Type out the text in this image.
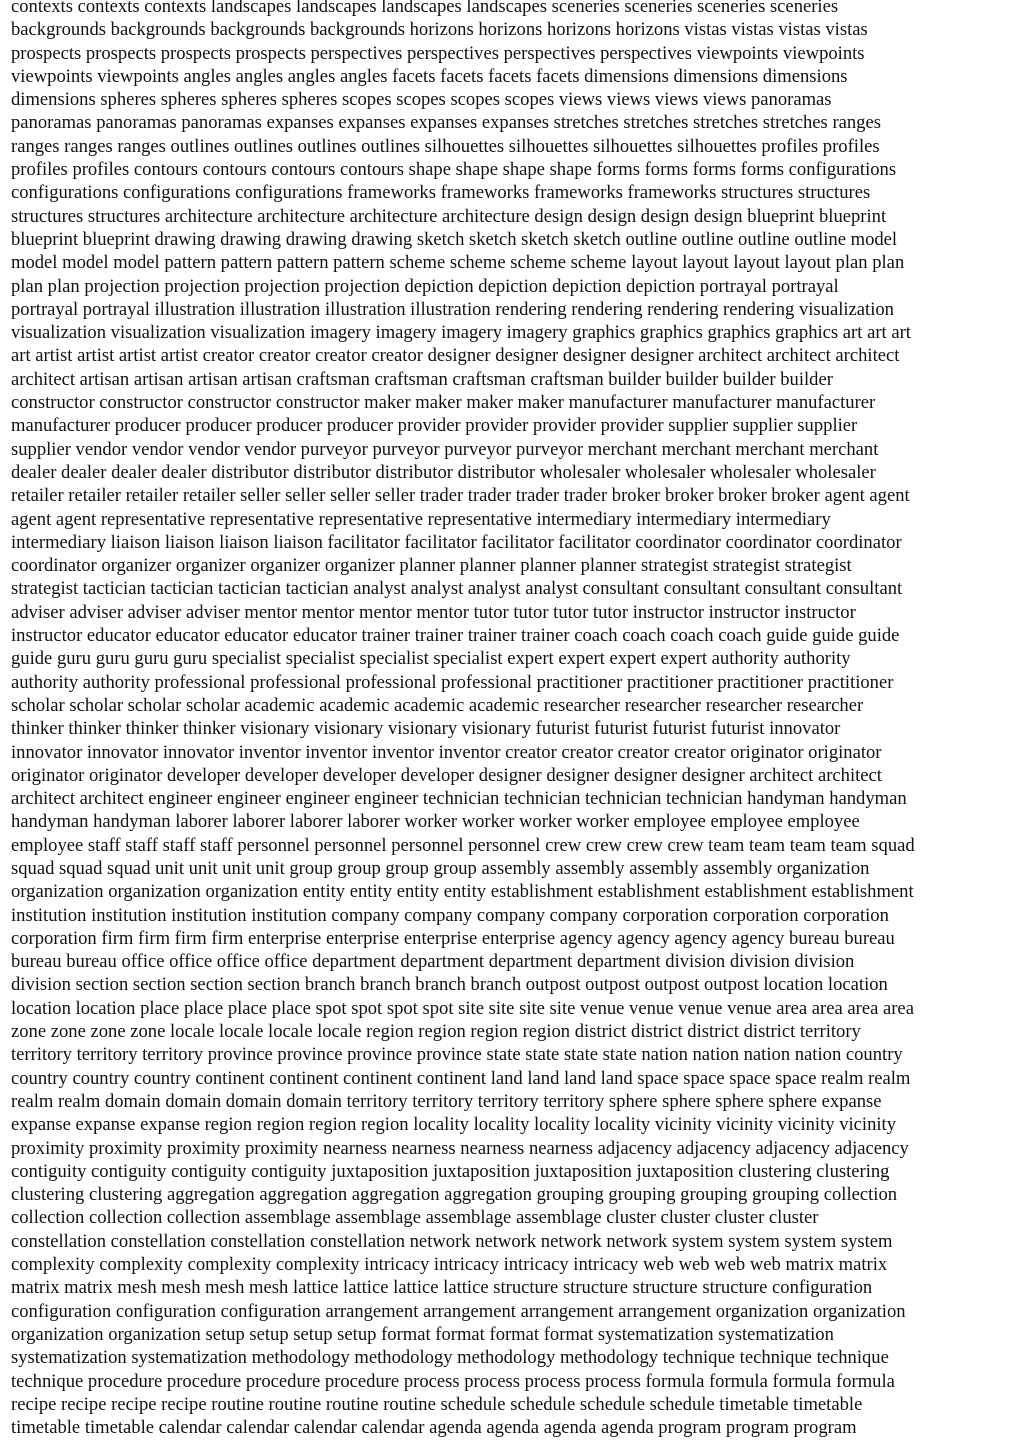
contexts contexts contexts landscapes landscapes landscapes landscapes sceneries sceneries sceneries sceneries
backgrounds backgrounds backgrounds backgrounds horizons horizons horizons horizons vistas vistas vistas vistas
prospects prospects prospects prospects perspectives perspectives perspectives perspectives viewpoints viewpoints
viewpoints viewpoints angles angles angles angles facets facets facets facets dimensions dimensions dimensions
dimensions spheres spheres spheres spheres scopes scopes scopes scopes views views views views panoramas
panoramas panoramas panoramas expanses expanses expanses expanses stretches stretches stretches stretches ranges
ranges ranges ranges outlines outlines outlines outlines silhouettes silhouettes silhouettes silhouettes profiles profiles
profiles profiles contours contours contours contours shape shape shape shape forms forms forms forms configurations
configurations configurations configurations frameworks frameworks frameworks frameworks structures structures
structures structures architecture architecture architecture architecture design design design design blueprint blueprint
blueprint blueprint drawing drawing drawing drawing sketch sketch sketch sketch outline outline outline outline model
model model model pattern pattern pattern pattern scheme scheme scheme scheme layout layout layout layout plan plan
plan plan projection projection projection projection depiction depiction depiction depiction portrayal portrayal
portrayal portrayal illustration illustration illustration illustration rendering rendering rendering rendering visualization
visualization visualization visualization imagery imagery imagery imagery graphics graphics graphics graphics art art art
art artist artist artist artist creator creator creator creator designer designer designer designer architect architect architect
architect artisan artisan artisan artisan craftsman craftsman craftsman craftsman builder builder builder builder
constructor constructor constructor constructor maker maker maker maker manufacturer manufacturer manufacturer
manufacturer producer producer producer producer provider provider provider provider supplier supplier supplier
supplier vendor vendor vendor vendor purveyor purveyor purveyor purveyor merchant merchant merchant merchant
dealer dealer dealer dealer distributor distributor distributor distributor wholesaler wholesaler wholesaler wholesaler
retailer retailer retailer retailer seller seller seller seller trader trader trader trader broker broker broker broker agent agent
agent agent representative representative representative representative intermediary intermediary intermediary
intermediary liaison liaison liaison liaison facilitator facilitator facilitator facilitator coordinator coordinator coordinator
coordinator organizer organizer organizer organizer planner planner planner planner strategist strategist strategist
strategist tactician tactician tactician tactician analyst analyst analyst analyst consultant consultant consultant consultant
adviser adviser adviser adviser mentor mentor mentor mentor tutor tutor tutor tutor instructor instructor instructor
instructor educator educator educator educator trainer trainer trainer trainer coach coach coach coach guide guide guide
guide guru guru guru guru specialist specialist specialist specialist expert expert expert expert authority authority
authority authority professional professional professional professional practitioner practitioner practitioner practitioner
scholar scholar scholar scholar academic academic academic academic researcher researcher researcher researcher
thinker thinker thinker thinker visionary visionary visionary visionary futurist futurist futurist futurist innovator
innovator innovator innovator inventor inventor inventor inventor creator creator creator creator originator originator
originator originator developer developer developer developer designer designer designer designer architect architect
architect architect engineer engineer engineer engineer technician technician technician technician handyman handyman
handyman handyman laborer laborer laborer laborer worker worker worker worker employee employee employee
employee staff staff staff staff personnel personnel personnel personnel crew crew crew crew team team team team squad
squad squad squad unit unit unit unit group group group group assembly assembly assembly assembly organization
organization organization organization entity entity entity entity establishment establishment establishment establishment
institution institution institution institution company company company company corporation corporation corporation
corporation firm firm firm firm enterprise enterprise enterprise enterprise agency agency agency agency bureau bureau
bureau bureau office office office office department department department department division division division
division section section section section branch branch branch branch outpost outpost outpost outpost location location
location location place place place place spot spot spot spot site site site site venue venue venue venue area area area area
zone zone zone zone locale locale locale locale region region region region district district district district territory
territory territory territory province province province province state state state state nation nation nation nation country
country country country continent continent continent continent land land land land space space space space realm realm
realm realm domain domain domain domain territory territory territory territory sphere sphere sphere sphere expanse
expanse expanse expanse region region region region locality locality locality locality vicinity vicinity vicinity vicinity
proximity proximity proximity proximity nearness nearness nearness nearness adjacency adjacency adjacency adjacency
contiguity contiguity contiguity contiguity juxtaposition juxtaposition juxtaposition juxtaposition clustering clustering
clustering clustering aggregation aggregation aggregation aggregation grouping grouping grouping grouping collection
collection collection collection assemblage assemblage assemblage assemblage cluster cluster cluster cluster
constellation constellation constellation constellation network network network network system system system system
complexity complexity complexity complexity intricacy intricacy intricacy intricacy web web web web matrix matrix
matrix matrix mesh mesh mesh mesh lattice lattice lattice lattice structure structure structure structure configuration
configuration configuration configuration arrangement arrangement arrangement arrangement organization organization
organization organization setup setup setup setup format format format format systematization systematization
systematization systematization methodology methodology methodology methodology technique technique technique
technique procedure procedure procedure procedure process process process process formula formula formula formula
recipe recipe recipe recipe routine routine routine routine schedule schedule schedule schedule timetable timetable
timetable timetable calendar calendar calendar calendar agenda agenda agenda agenda program program program
